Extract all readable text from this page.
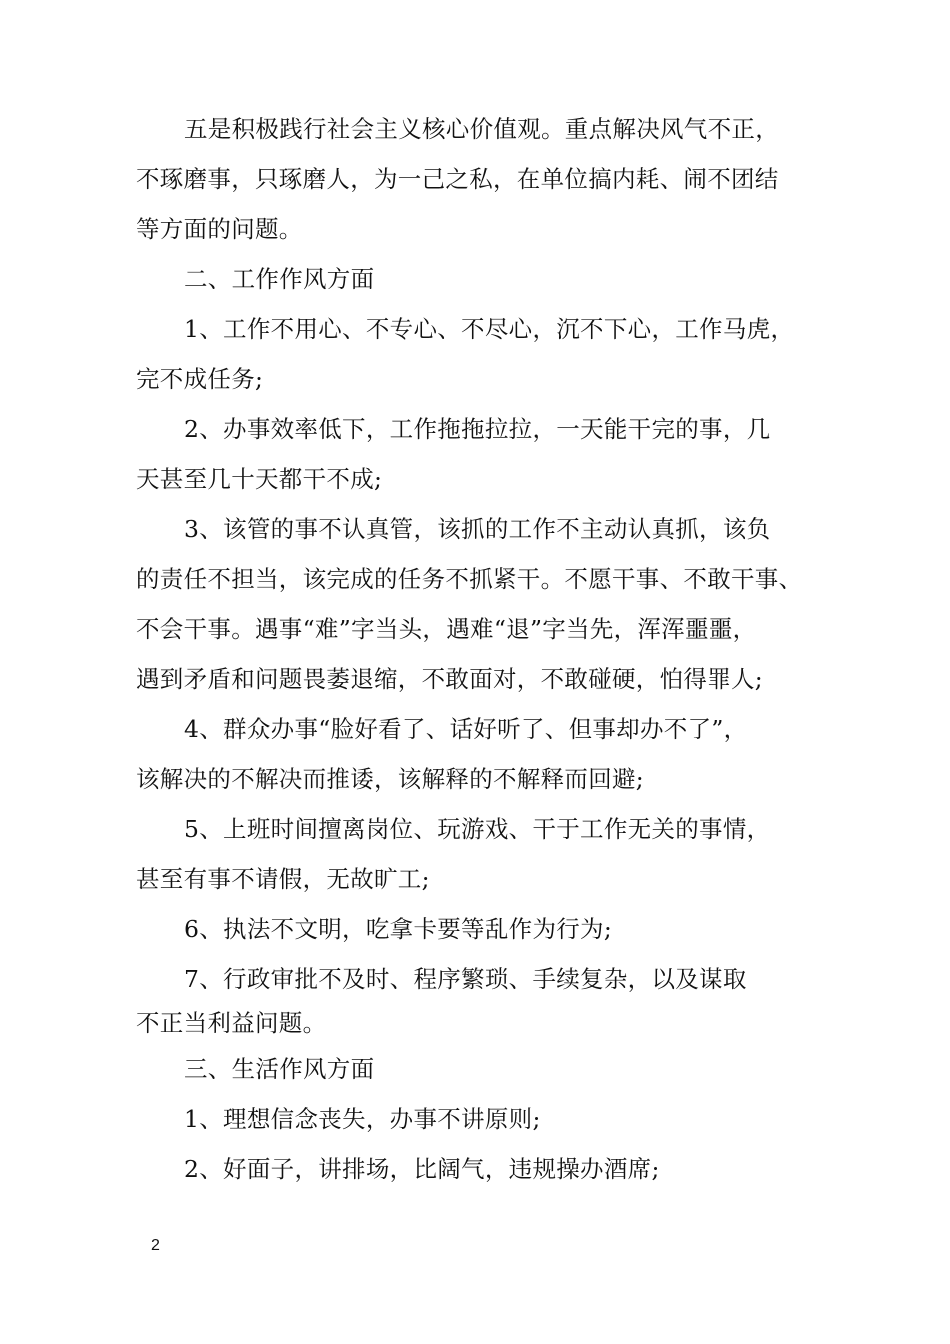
五是积极践行社会主义核心价值观。重点解决风气不正，
不琢磨事，只琢磨人，为一己之私，在单位搞内耗、闹不团结
等方面的问题。
二、工作作风方面
1、工作不用心、不专心、不尽心，沉不下心，工作马虎，
完不成任务;
2、办事效率低下，工作拖拖拉拉，一天能干完的事，几
天甚至几十天都干不成;
3、该管的事不认真管，该抓的工作不主动认真抓，该负
的责任不担当，该完成的任务不抓紧干。不愿干事、不敢干事、
不会干事。遇事“难”字当头，遇难“退”字当先，浑浑噩噩，
遇到矛盾和问题畏萎退缩，不敢面对，不敢碰硬，怕得罪人;
4、群众办事“脸好看了、话好听了、但事却办不了”，
该解决的不解决而推诿，该解释的不解释而回避;
5、上班时间擅离岗位、玩游戏、干于工作无关的事情，
甚至有事不请假，无故旷工;
6、执法不文明，吃拿卡要等乱作为行为;
7、行政审批不及时、程序繁琐、手续复杂，以及谋取
不正当利益问题。
三、生活作风方面
1、理想信念丧失，办事不讲原则;
2、好面子，讲排场，比阔气，违规操办酒席;
2
